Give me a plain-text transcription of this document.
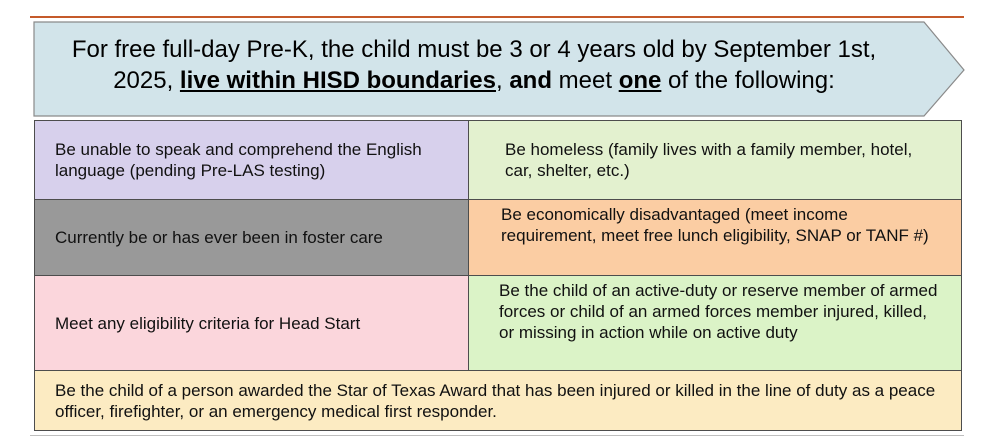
For free full-day Pre-K, the child must be 3 or 4 years old by September 1st, 2025, live within HISD boundaries, and meet one of the following:
Be unable to speak and comprehend the English language (pending Pre-LAS testing)
Be homeless (family lives with a family member, hotel, car, shelter, etc.)
Currently be or has ever been in foster care
Be economically disadvantaged (meet income requirement, meet free lunch eligibility, SNAP or TANF #)
Meet any eligibility criteria for Head Start
Be the child of an active-duty or reserve member of armed forces or child of an armed forces member injured, killed, or missing in action while on active duty
Be the child of a person awarded the Star of Texas Award that has been injured or killed in the line of duty as a peace officer, firefighter, or an emergency medical first responder.
